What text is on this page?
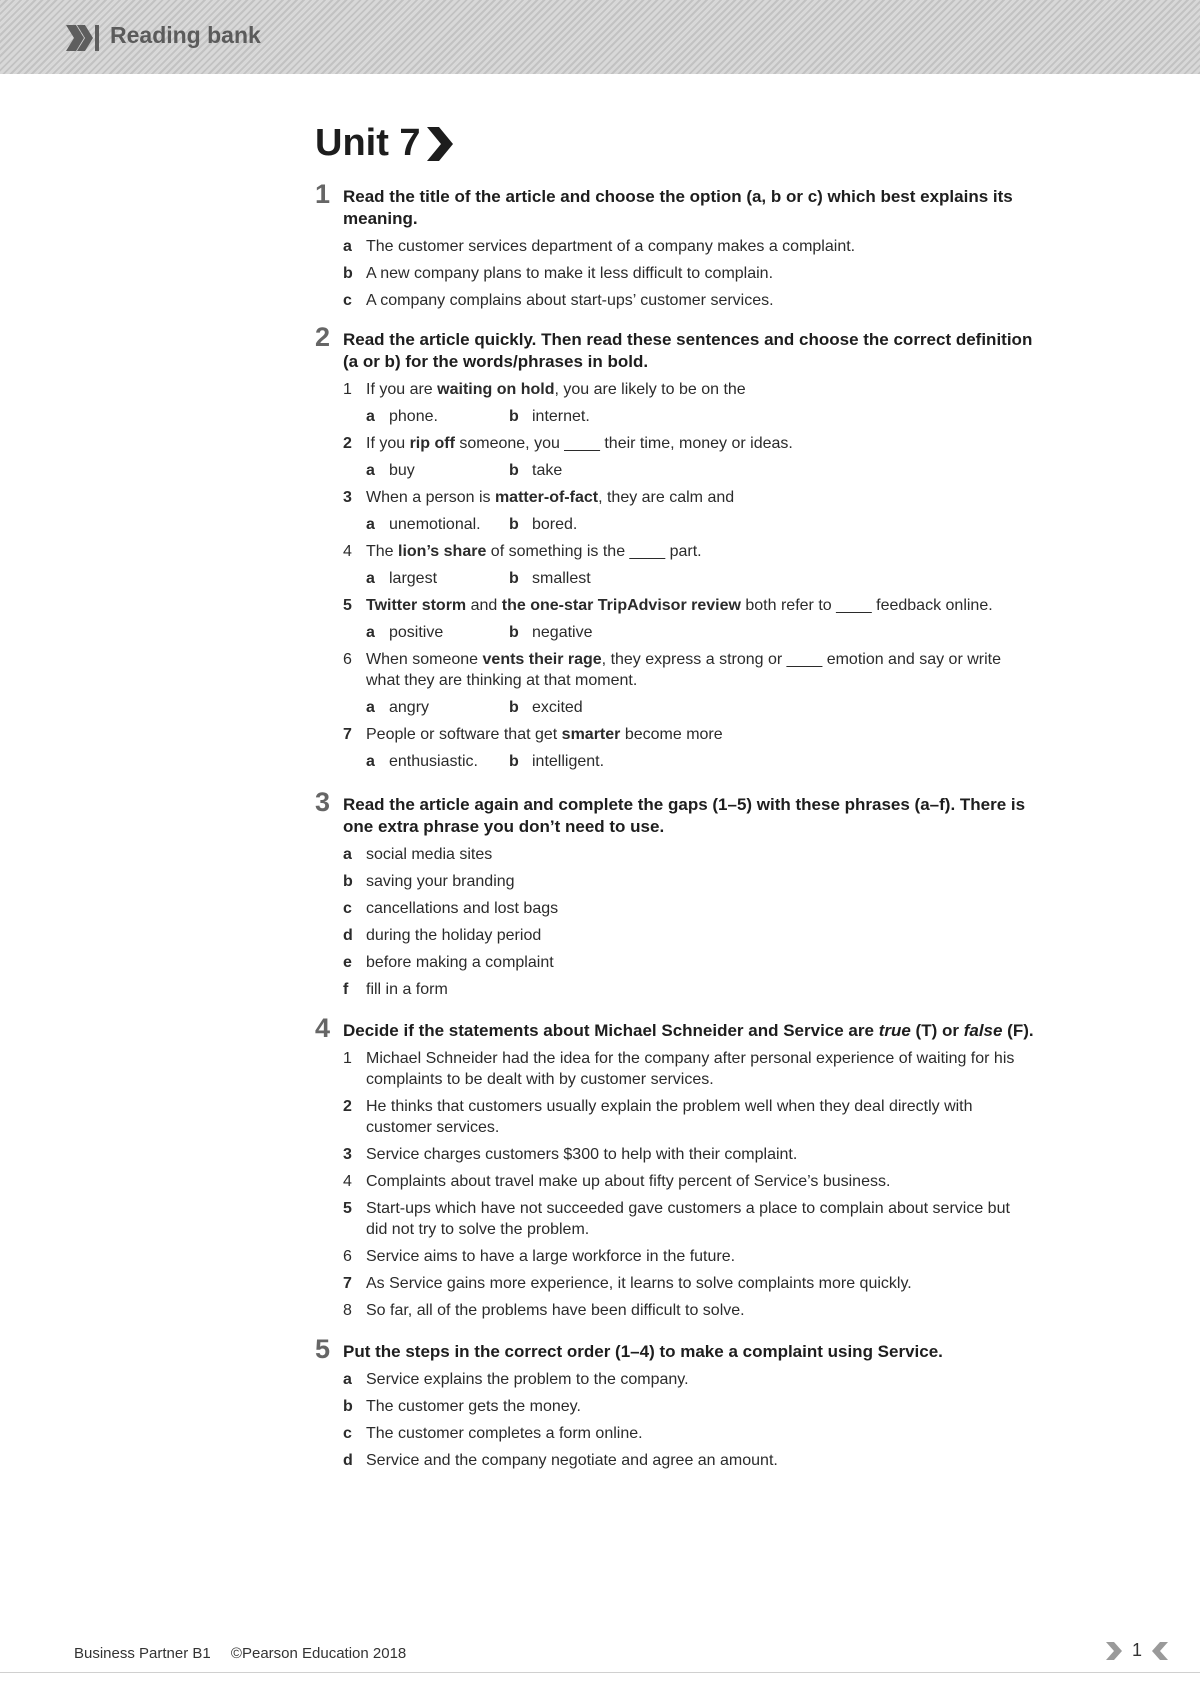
Reading bank
Unit 7
1 Read the title of the article and choose the option (a, b or c) which best explains its meaning.
a The customer services department of a company makes a complaint.
b A new company plans to make it less difficult to complain.
c A company complains about start-ups’ customer services.
2 Read the article quickly. Then read these sentences and choose the correct definition (a or b) for the words/phrases in bold.
1 If you are waiting on hold, you are likely to be on the
a phone.	b internet.
2 If you rip off someone, you ____ their time, money or ideas.
a buy	b take
3 When a person is matter-of-fact, they are calm and
a unemotional. b bored.
4 The lion’s share of something is the ____ part.
a largest	b smallest
5 Twitter storm and the one-star TripAdvisor review both refer to ____ feedback online.
a positive	b negative
6 When someone vents their rage, they express a strong or ____ emotion and say or write what they are thinking at that moment.
a angry	b excited
7 People or software that get smarter become more
a enthusiastic. b intelligent.
3 Read the article again and complete the gaps (1–5) with these phrases (a–f). There is one extra phrase you don’t need to use.
a social media sites
b saving your branding
c cancellations and lost bags
d during the holiday period
e before making a complaint
f	fill in a form
4 Decide if the statements about Michael Schneider and Service are true (T) or false (F).
1 Michael Schneider had the idea for the company after personal experience of waiting for his complaints to be dealt with by customer services.
2 He thinks that customers usually explain the problem well when they deal directly with customer services.
3 Service charges customers $300 to help with their complaint.
4 Complaints about travel make up about fifty percent of Service’s business.
5 Start-ups which have not succeeded gave customers a place to complain about service but did not try to solve the problem.
6 Service aims to have a large workforce in the future.
7 As Service gains more experience, it learns to solve complaints more quickly.
8 So far, all of the problems have been difficult to solve.
5 Put the steps in the correct order (1–4) to make a complaint using Service.
a Service explains the problem to the company.
b The customer gets the money.
c The customer completes a form online.
d Service and the company negotiate and agree an amount.
Business Partner B1 ©Pearson Education 2018	1
